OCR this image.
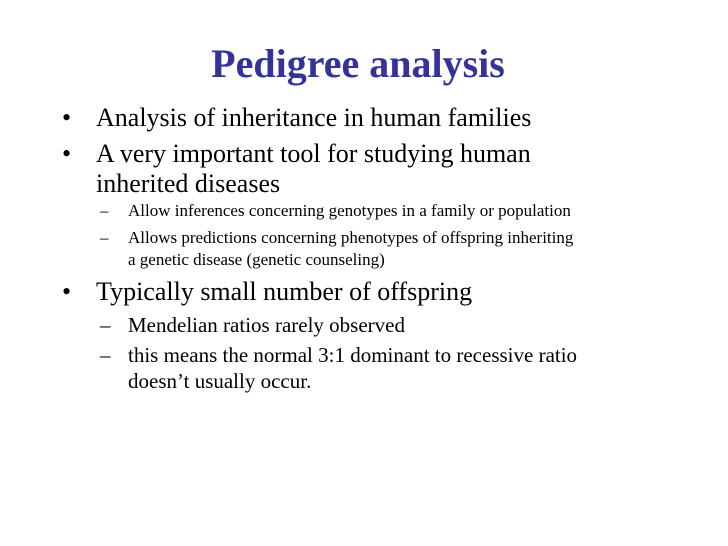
Pedigree analysis
• Analysis of inheritance in human families
• A very important tool for studying human
inherited diseases
– Allow inferences concerning genotypes in a family or population
– Allows predictions concerning phenotypes of offspring inheriting
a genetic disease (genetic counseling)
• Typically small number of offspring
– Mendelian ratios rarely observed
– this means the normal 3:1 dominant to recessive ratio
doesn’t usually occur.
